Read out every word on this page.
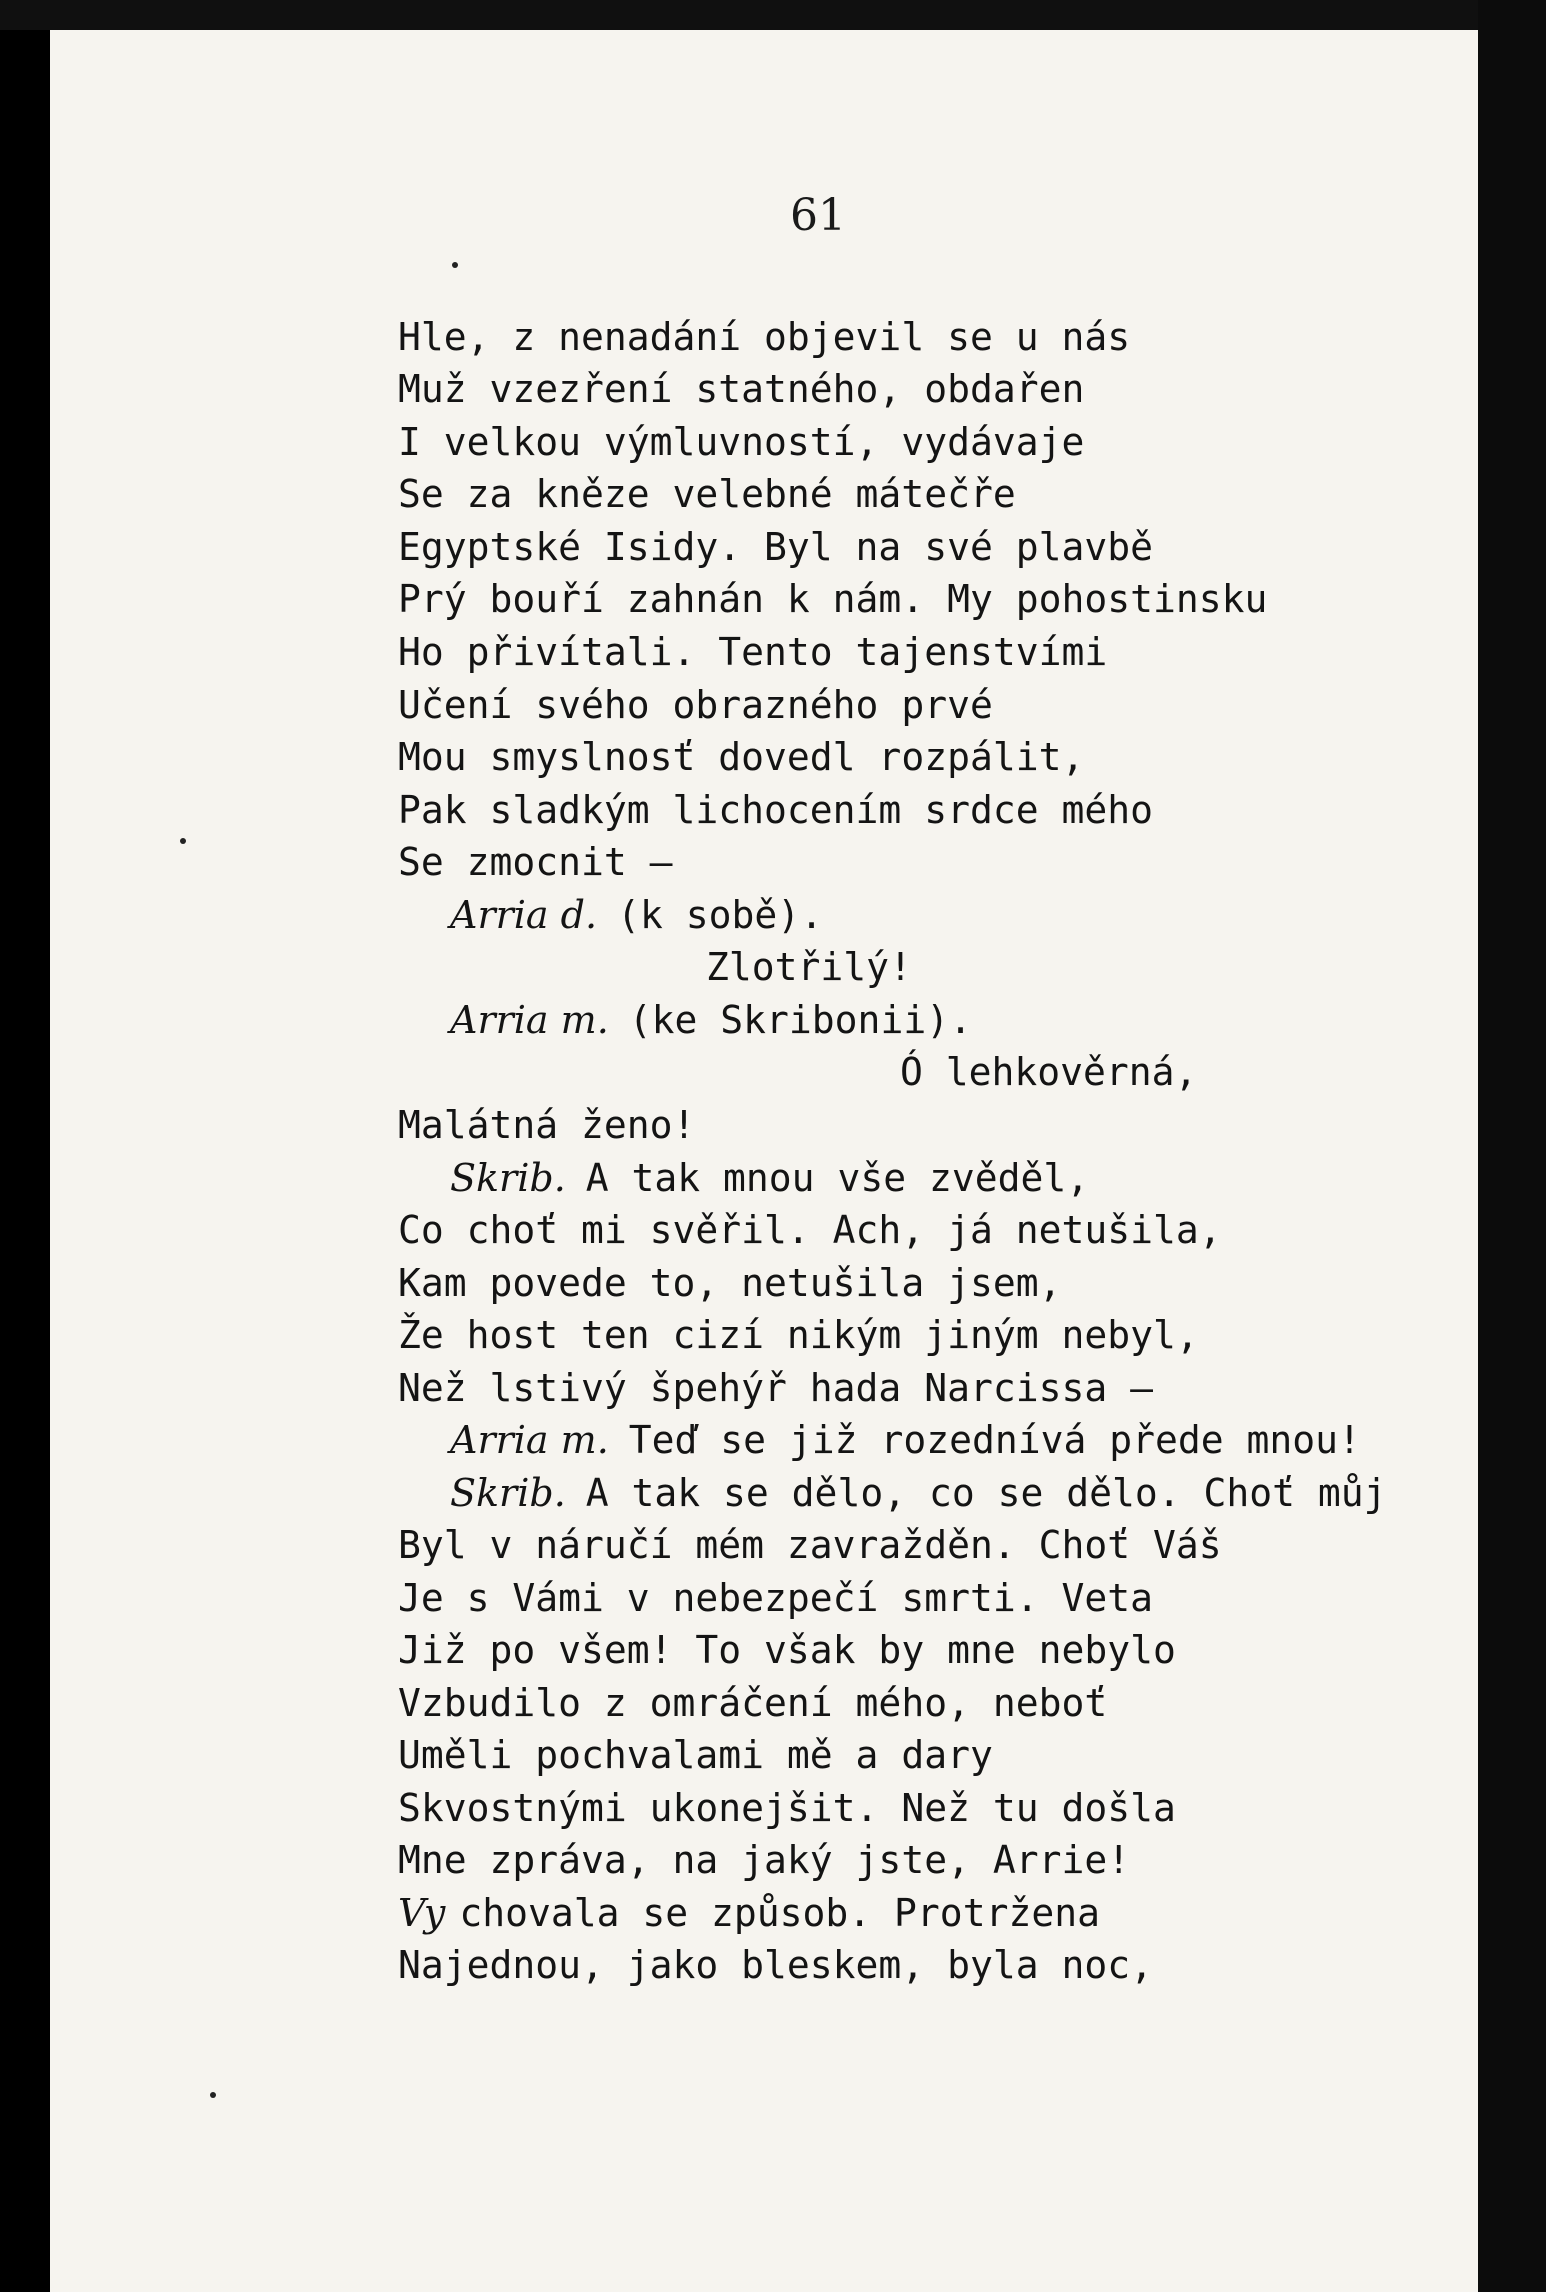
61
Hle, z nenadání objevil se u nás
Muž vzezření statného, obdařen
I velkou výmluvností, vydávaje
Se za kněze velebné mátečře
Egyptské Isidy. Byl na své plavbě
Prý bouří zahnán k nám. My pohostinsku
Ho přivítali. Tento tajenstvími
Učení svého obrazného prvé
Mou smyslnosť dovedl rozpálit,
Pak sladkým lichocením srdce mého
Se zmocnit —
Arria d. (k sobě).
Zlotřilý!
Arria m. (ke Skribonii).
Ó lehkověrná,
Malátná ženo!
Skrib. A tak mnou vše zvěděl,
Co choť mi svěřil. Ach, já netušila,
Kam povede to, netušila jsem,
Že host ten cizí nikým jiným nebyl,
Než lstivý špehýř hada Narcissa —
Arria m. Teď se již rozednívá přede mnou!
Skrib. A tak se dělo, co se dělo. Choť můj
Byl v náručí mém zavražděn. Choť Váš
Je s Vámi v nebezpečí smrti. Veta
Již po všem! To však by mne nebylo
Vzbudilo z omráčení mého, neboť
Uměli pochvalami mě a dary
Skvostnými ukonejšit. Než tu došla
Mne zpráva, na jaký jste, Arrie!
Vy chovala se způsob. Protržena
Najednou, jako bleskem, byla noc,
